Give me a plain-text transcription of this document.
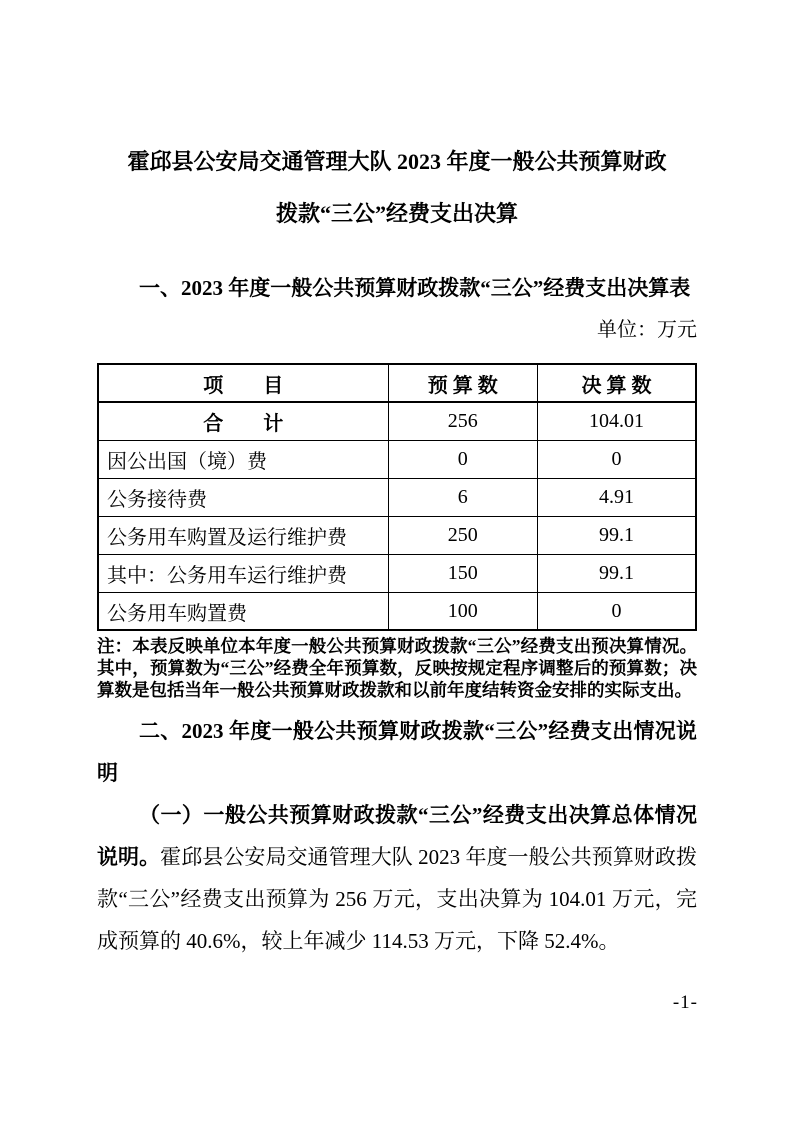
霍邱县公安局交通管理大队 2023 年度一般公共预算财政
拨款“三公”经费支出决算

一、2023 年度一般公共预算财政拨款“三公”经费支出决算表

单位：万元

项　　目	预 算 数	决 算 数
合　　计	256	104.01
因公出国（境）费	0	0
公务接待费	6	4.91
公务用车购置及运行维护费	250	99.1
其中：公务用车运行维护费	150	99.1
公务用车购置费	100	0

注：本表反映单位本年度一般公共预算财政拨款“三公”经费支出预决算情况。其中，预算数为“三公”经费全年预算数，反映按规定程序调整后的预算数；决算数是包括当年一般公共预算财政拨款和以前年度结转资金安排的实际支出。

二、2023 年度一般公共预算财政拨款“三公”经费支出情况说明

（一）一般公共预算财政拨款“三公”经费支出决算总体情况说明。霍邱县公安局交通管理大队 2023 年度一般公共预算财政拨款“三公”经费支出预算为 256 万元，支出决算为 104.01 万元，完成预算的 40.6%，较上年减少 114.53 万元，下降 52.4%。

-1-
